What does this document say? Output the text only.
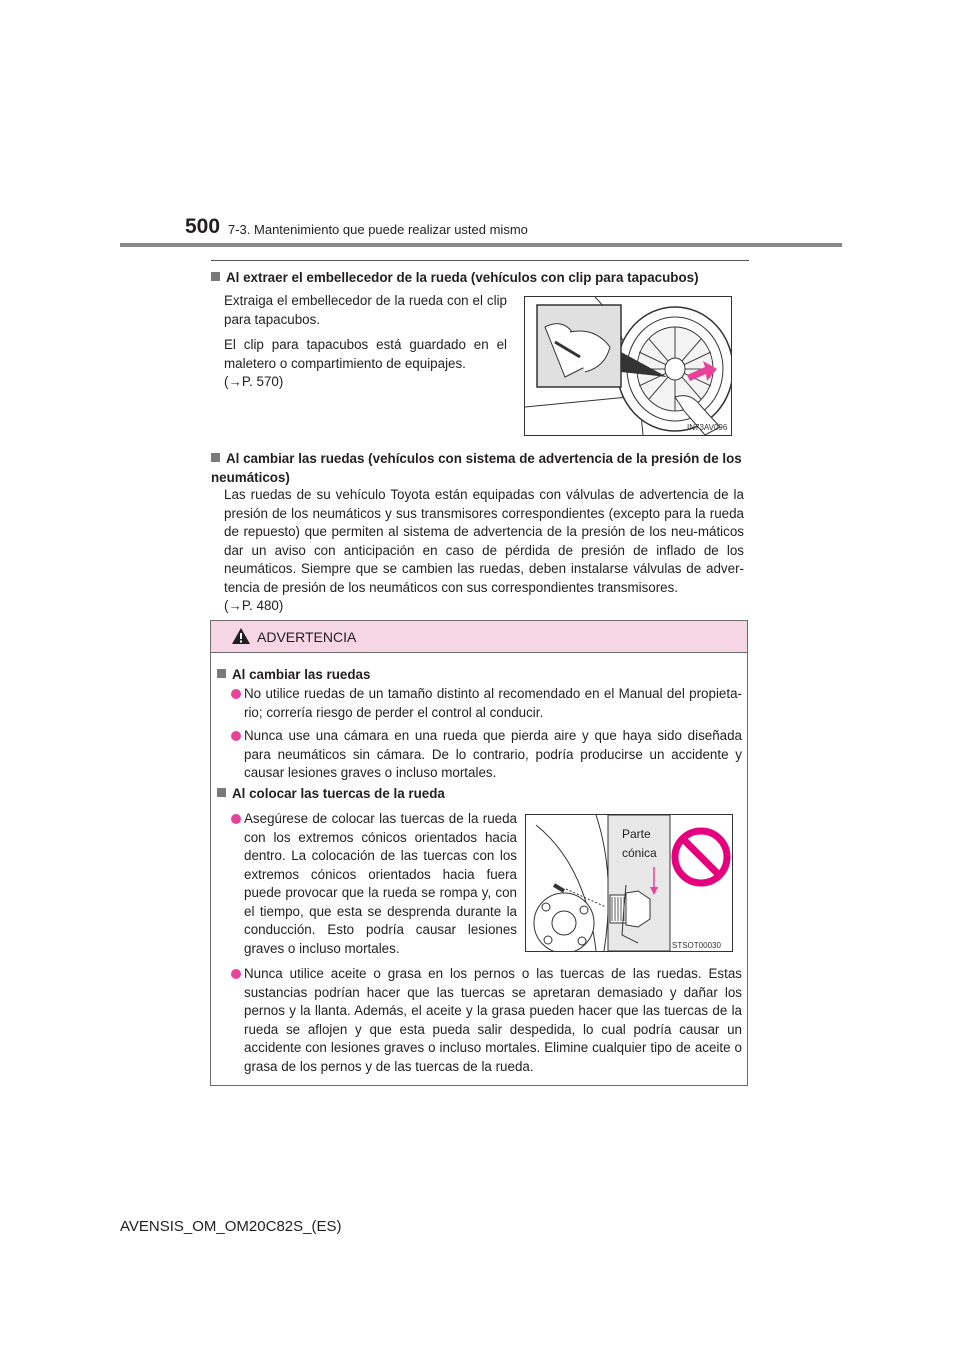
500 7-3. Mantenimiento que puede realizar usted mismo
Al extraer el embellecedor de la rueda (vehículos con clip para tapacubos)

Extraiga el embellecedor de la rueda con el clip para tapacubos.

El clip para tapacubos está guardado en el maletero o compartimiento de equipajes.

(→P. 570)
IN73AV096
Al cambiar las ruedas (vehículos con sistema de advertencia de la presión de los neumáticos)
Las ruedas de su vehículo Toyota están equipadas con válvulas de advertencia de la presión de los neumáticos y sus transmisores correspondientes (excepto para la rueda de repuesto) que permiten al sistema de advertencia de la presión de los neu-máticos dar un aviso con anticipación en caso de pérdida de presión de inflado de los neumáticos. Siempre que se cambien las ruedas, deben instalarse válvulas de adver-tencia de presión de los neumáticos con sus correspondientes transmisores.
(→P. 480)
ADVERTENCIA
Al cambiar las ruedas
No utilice ruedas de un tamaño distinto al recomendado en el Manual del propieta-rio; correría riesgo de perder el control al conducir.
Nunca use una cámara en una rueda que pierda aire y que haya sido diseñada para neumáticos sin cámara. De lo contrario, podría producirse un accidente y causar lesiones graves o incluso mortales.
Al colocar las tuercas de la rueda
Asegúrese de colocar las tuercas de la rueda con los extremos cónicos orientados hacia dentro. La colocación de las tuercas con los extremos cónicos orientados hacia fuera puede provocar que la rueda se rompa y, con el tiempo, que esta se desprenda durante la conducción. Esto podría causar lesiones graves o incluso mortales.
Parte
cónica
STSOT00030
Nunca utilice aceite o grasa en los pernos o las tuercas de las ruedas. Estas sustancias podrían hacer que las tuercas se apretaran demasiado y dañar los pernos y la llanta. Además, el aceite y la grasa pueden hacer que las tuercas de la rueda se aflojen y que esta pueda salir despedida, lo cual podría causar un accidente con lesiones graves o incluso mortales. Elimine cualquier tipo de aceite o grasa de los pernos y de las tuercas de la rueda.
AVENSIS_OM_OM20C82S_(ES)
